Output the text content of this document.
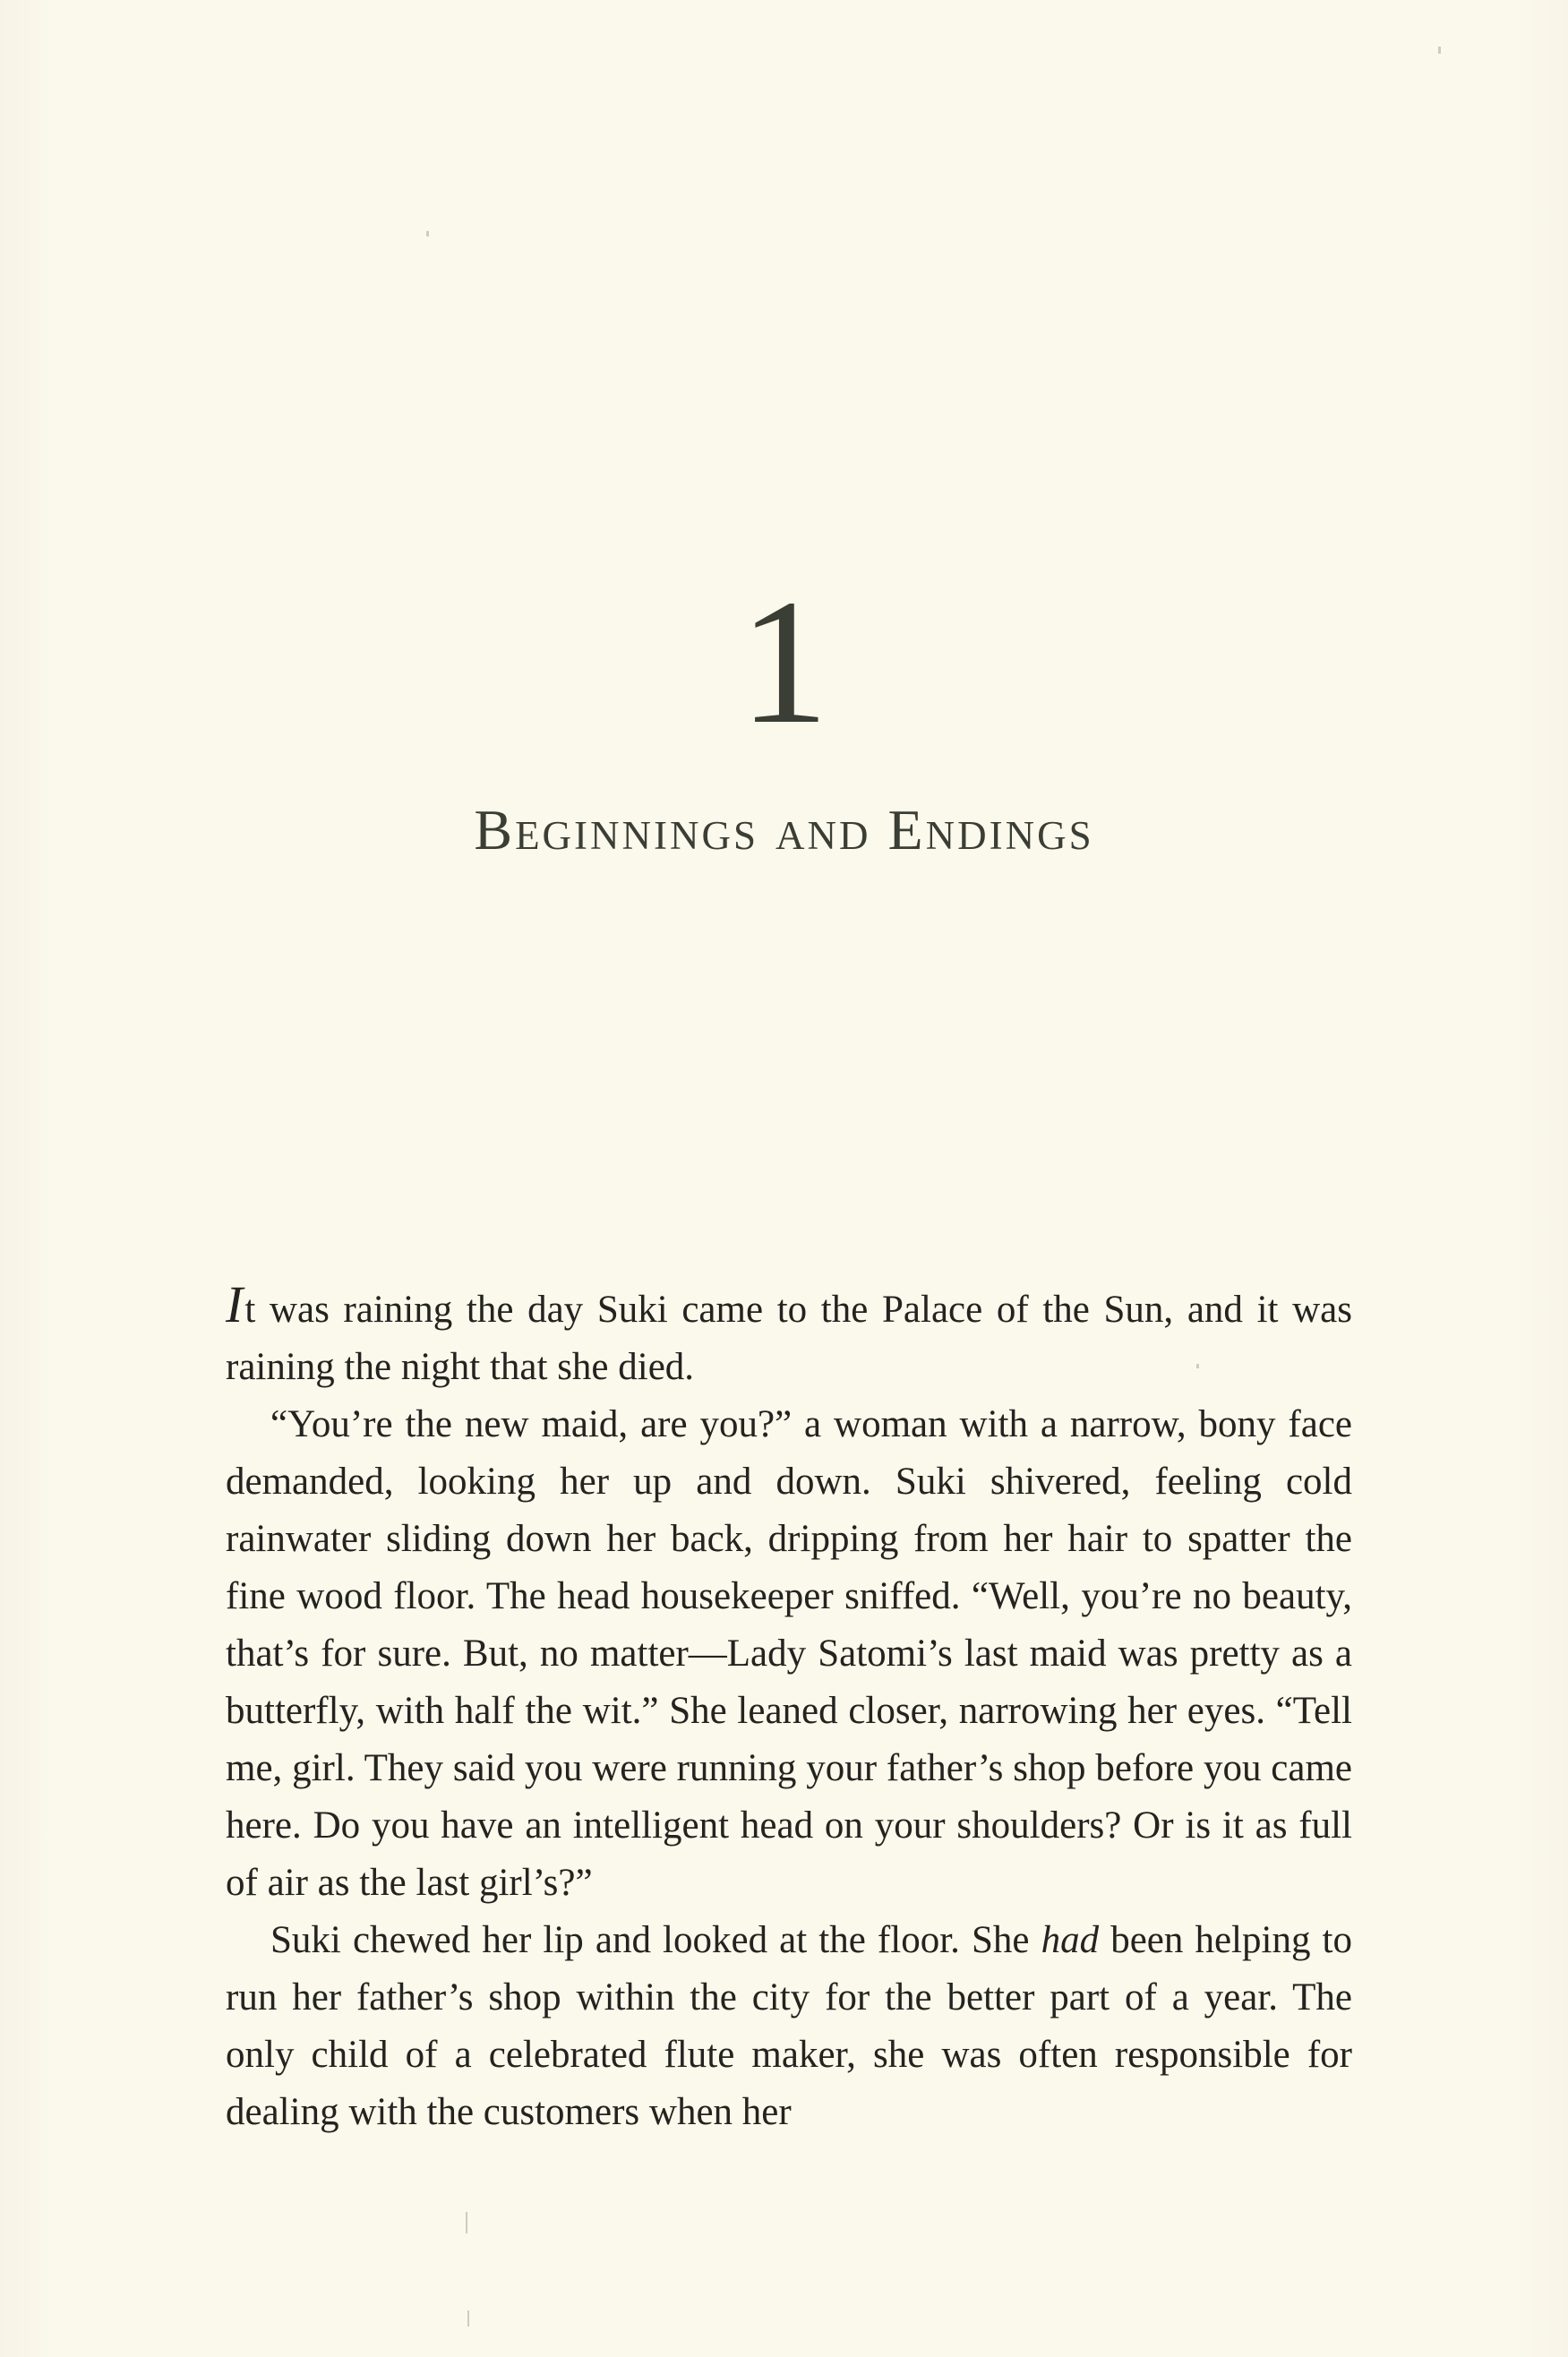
1
Beginnings and Endings

It was raining the day Suki came to the Palace of the Sun, and it was raining the night that she died.

“You’re the new maid, are you?” a woman with a narrow, bony face demanded, looking her up and down. Suki shivered, feeling cold rainwater sliding down her back, dripping from her hair to spatter the fine wood floor. The head housekeeper sniffed. “Well, you’re no beauty, that’s for sure. But, no matter—Lady Satomi’s last maid was pretty as a butterfly, with half the wit.” She leaned closer, narrowing her eyes. “Tell me, girl. They said you were running your father’s shop before you came here. Do you have an intelligent head on your shoulders? Or is it as full of air as the last girl’s?”

Suki chewed her lip and looked at the floor. She had been helping to run her father’s shop within the city for the better part of a year. The only child of a celebrated flute maker, she was often responsible for dealing with the customers when her
